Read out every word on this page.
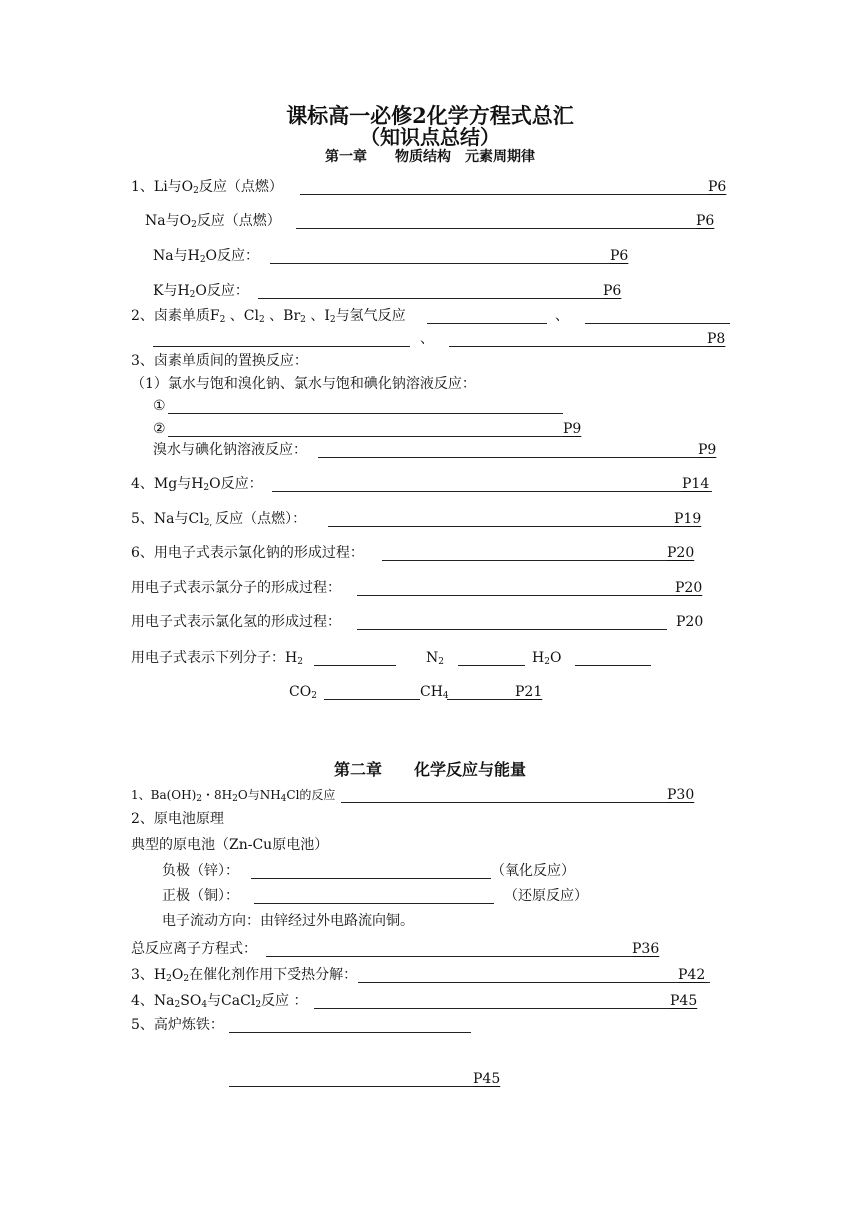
课标高一必修2化学方程式总汇
（知识点总结）
第一章　　物质结构　元素周期律
1、Li与$O_2$反应（点燃）	P6
Na与$O_2$反应（点燃）	P6
Na与$H_2O$反应：	P6
K与$H_2O$反应：	P6
2、卤素单质$F_2$ 、$Cl_2$ 、$Br_2$ 、$I_2$与氢气反应	、
、	P8
3、卤素单质间的置换反应：
（1）氯水与饱和溴化钠、氯水与饱和碘化钠溶液反应：
①
②	P9
溴水与碘化钠溶液反应：	P9
4、Mg与$H_2O$反应：	P14
5、Na与$Cl_{2,}$ 反应（点燃）：	P19
6、用电子式表示氯化钠的形成过程：	P20
用电子式表示氯分子的形成过程：	P20
用电子式表示氯化氢的形成过程：	P20
用电子式表示下列分子：$H_2$	$N_2$	$H_2O$
$CO_2$	$CH_4$	P21
第二章　　化学反应与能量
1、$Ba(OH)_2$・$8H_2O$与$NH_4Cl$的反应	P30
2、原电池原理
典型的原电池（Zn-Cu原电池）
负极（锌）：	（氧化反应）
正极（铜）：	（还原反应）
电子流动方向：由锌经过外电路流向铜。
总反应离子方程式：	P36
3、$H_2O_2$在催化剂作用下受热分解：	P42
4、$Na_2SO_4$与CaCl$_2$反应 ：	P45
5、高炉炼铁：
P45
